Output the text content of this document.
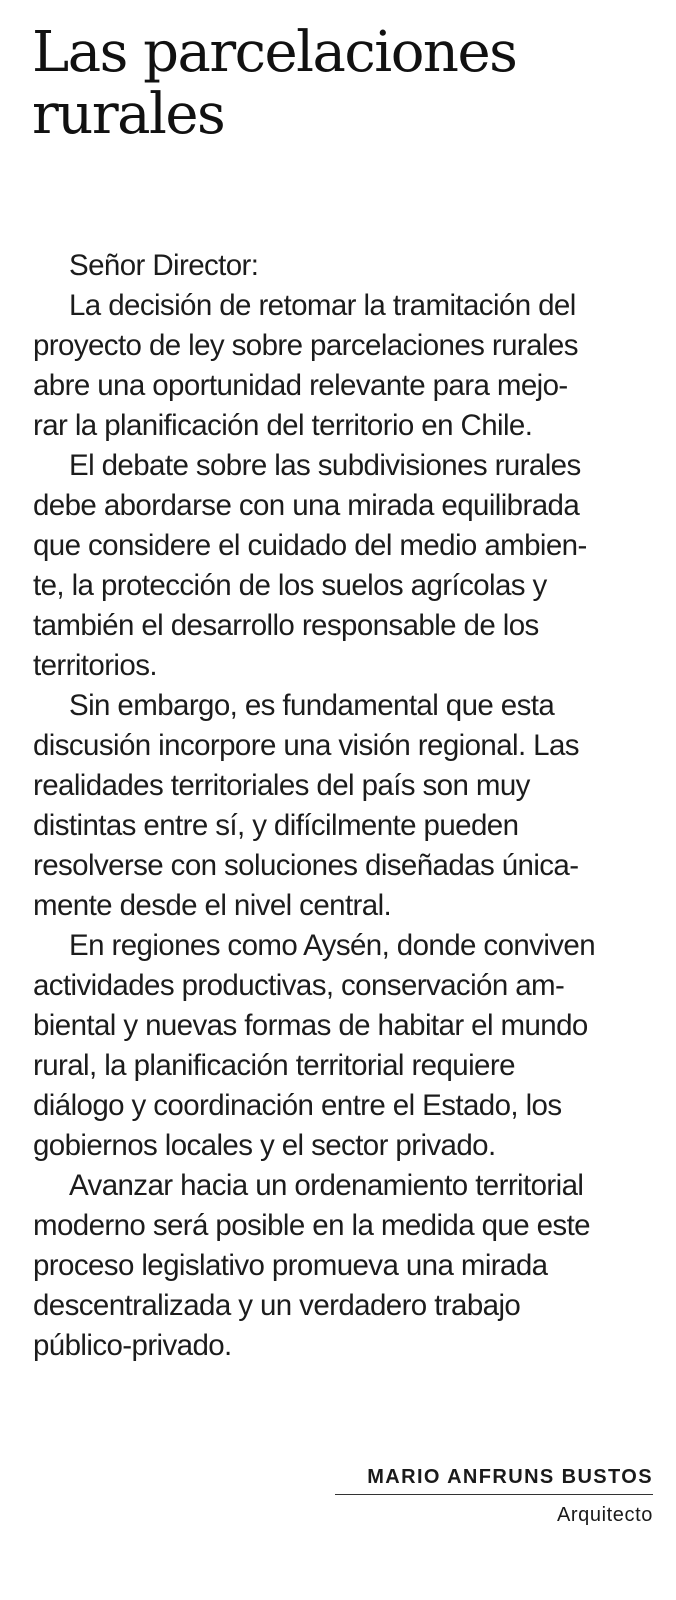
Las parcelaciones rurales
Señor Director:
La decisión de retomar la tramitación del
proyecto de ley sobre parcelaciones rurales
abre una oportunidad relevante para mejo-
rar la planificación del territorio en Chile.
El debate sobre las subdivisiones rurales
debe abordarse con una mirada equilibrada
que considere el cuidado del medio ambien-
te, la protección de los suelos agrícolas y
también el desarrollo responsable de los
territorios.
Sin embargo, es fundamental que esta
discusión incorpore una visión regional. Las
realidades territoriales del país son muy
distintas entre sí, y difícilmente pueden
resolverse con soluciones diseñadas única-
mente desde el nivel central.
En regiones como Aysén, donde conviven
actividades productivas, conservación am-
biental y nuevas formas de habitar el mundo
rural, la planificación territorial requiere
diálogo y coordinación entre el Estado, los
gobiernos locales y el sector privado.
Avanzar hacia un ordenamiento territorial
moderno será posible en la medida que este
proceso legislativo promueva una mirada
descentralizada y un verdadero trabajo
público-privado.
MARIO ANFRUNS BUSTOS
Arquitecto
